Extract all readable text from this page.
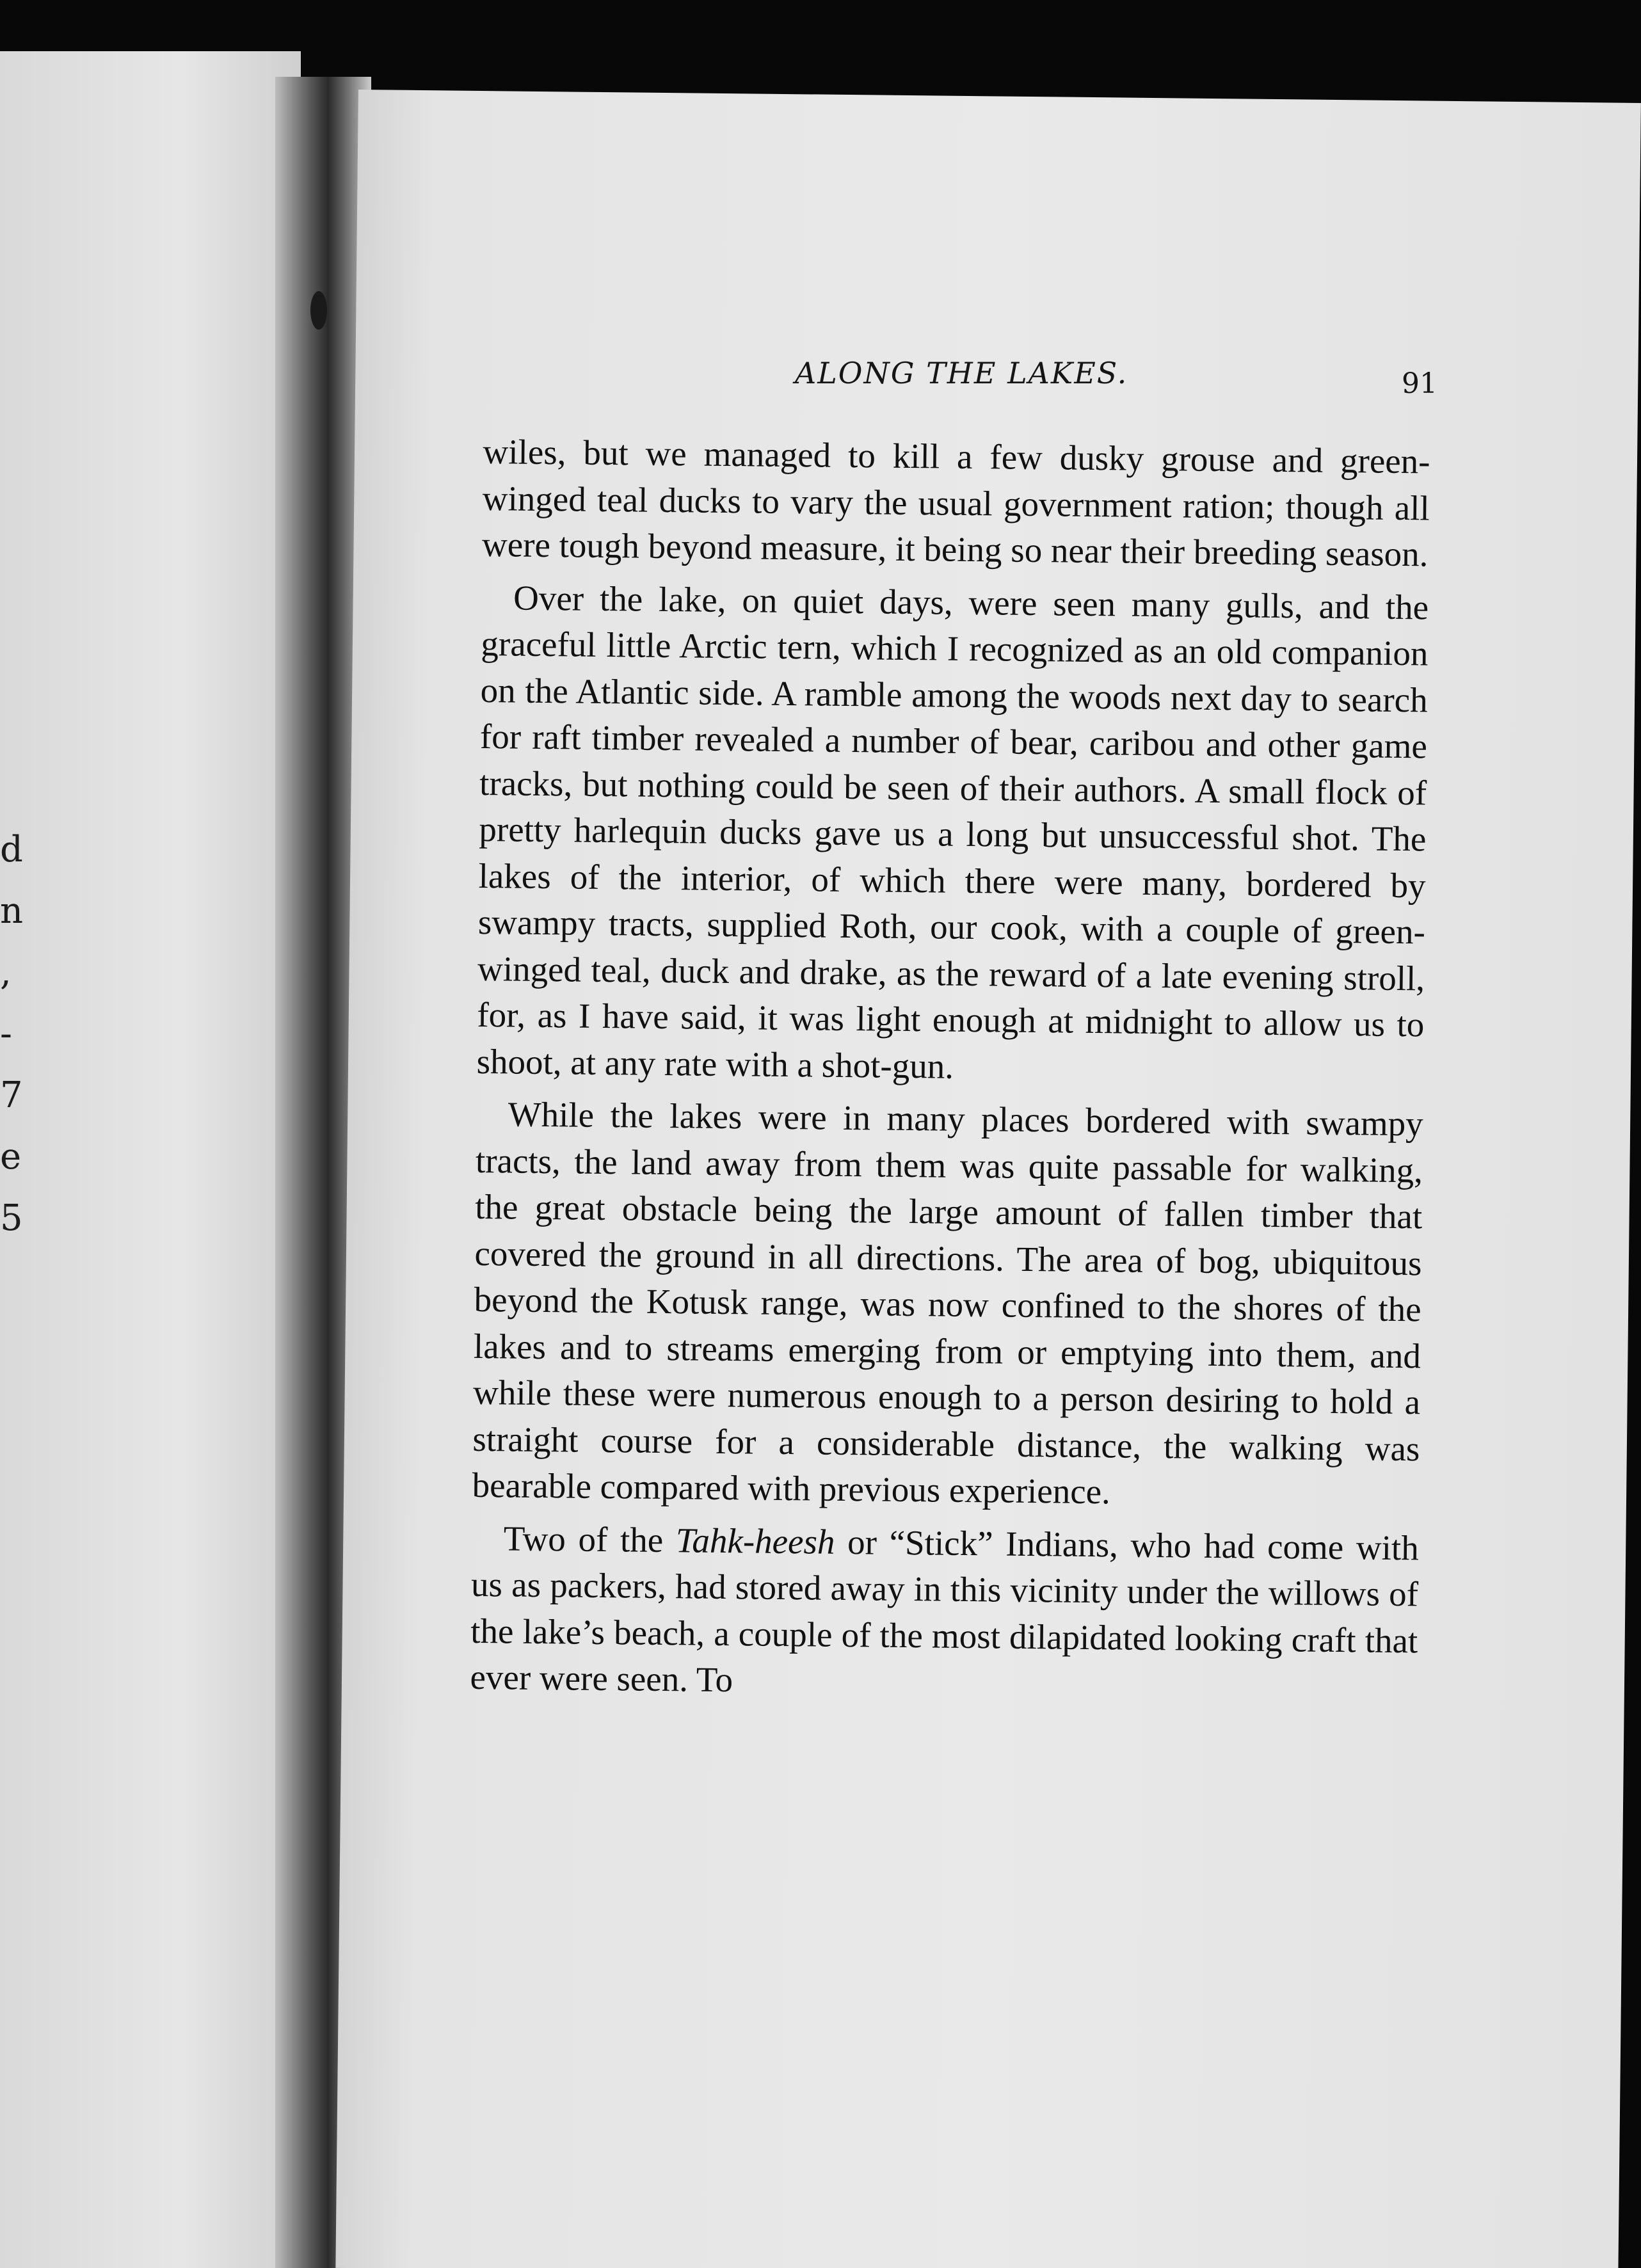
d
n
,
-
7
e
5
ALONG THE LAKES.	91

wiles, but we managed to kill a few dusky grouse and green-winged teal ducks to vary the usual government ration; though all were tough beyond measure, it being so near their breeding season.

Over the lake, on quiet days, were seen many gulls, and the graceful little Arctic tern, which I recognized as an old companion on the Atlantic side. A ramble among the woods next day to search for raft timber revealed a number of bear, caribou and other game tracks, but nothing could be seen of their authors. A small flock of pretty harlequin ducks gave us a long but unsuccessful shot. The lakes of the interior, of which there were many, bordered by swampy tracts, supplied Roth, our cook, with a couple of green-winged teal, duck and drake, as the reward of a late evening stroll, for, as I have said, it was light enough at midnight to allow us to shoot, at any rate with a shot-gun.

While the lakes were in many places bordered with swampy tracts, the land away from them was quite passable for walking, the great obstacle being the large amount of fallen timber that covered the ground in all directions. The area of bog, ubiquitous beyond the Kotusk range, was now confined to the shores of the lakes and to streams emerging from or emptying into them, and while these were numerous enough to a person desiring to hold a straight course for a considerable distance, the walking was bearable compared with previous experience.

Two of the Tahk-heesh or “Stick” Indians, who had come with us as packers, had stored away in this vicinity under the willows of the lake’s beach, a couple of the most dilapidated looking craft that ever were seen. To
